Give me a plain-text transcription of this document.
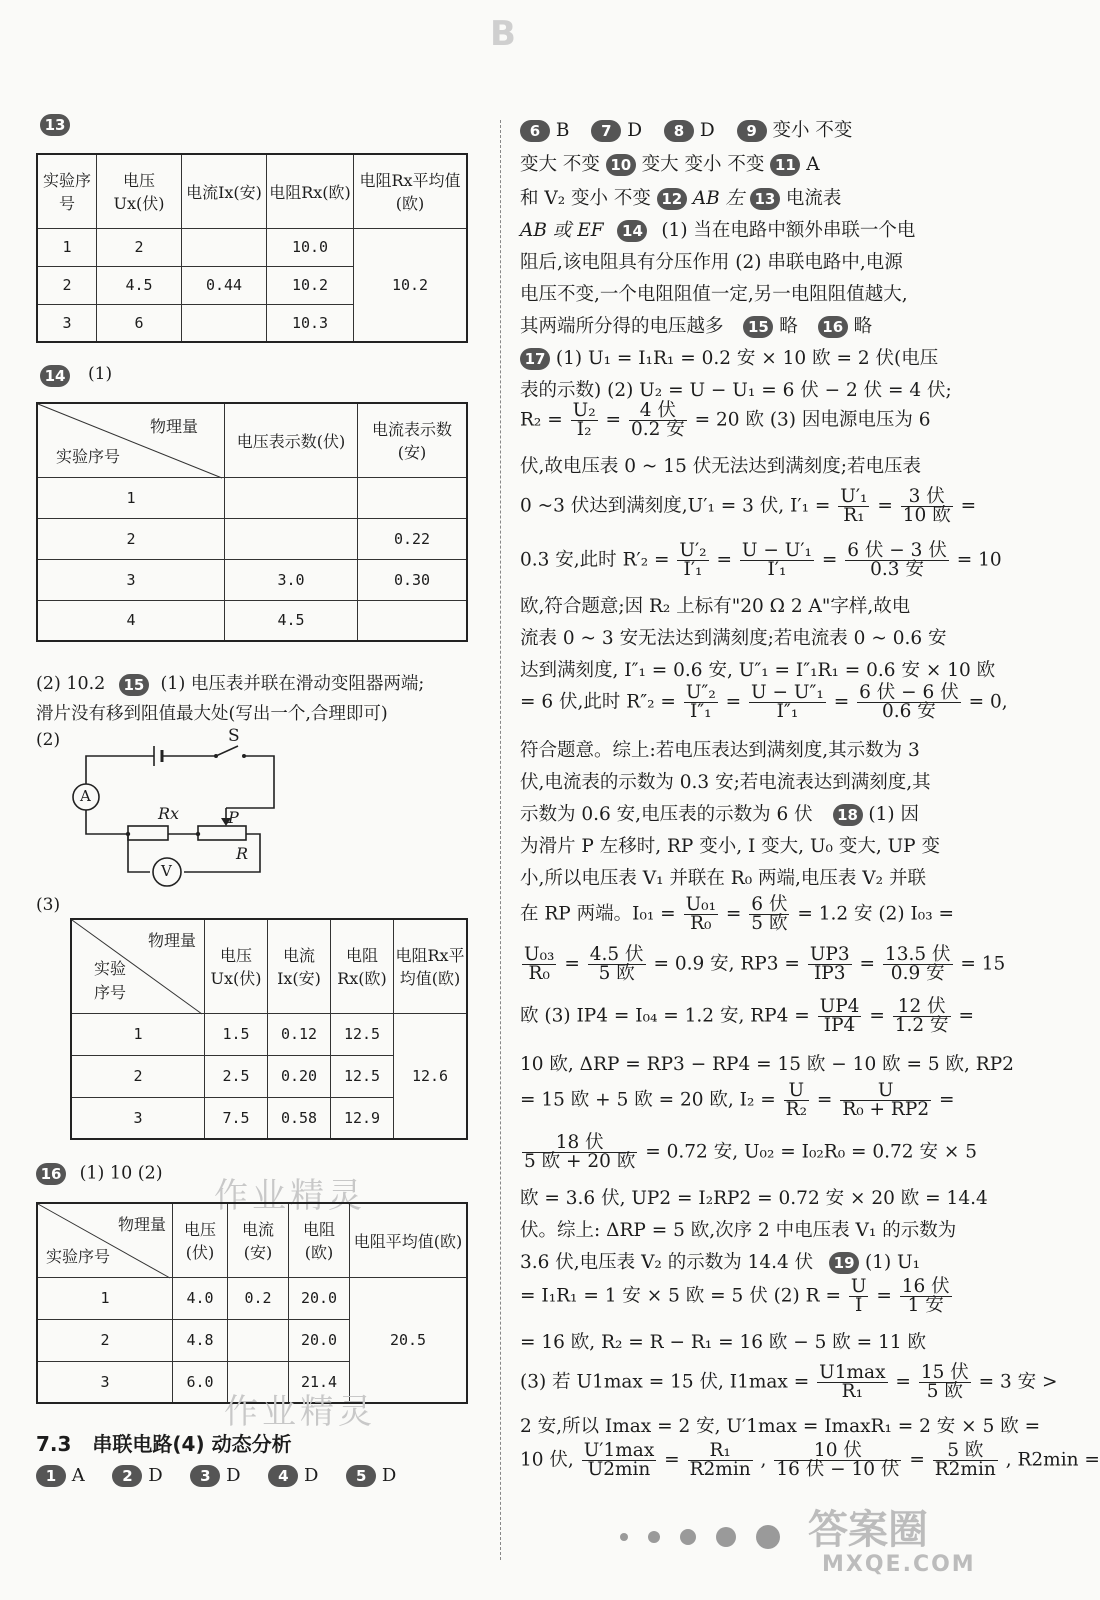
B
13
实验序号	电压Ux(伏)	电流Ix(安)	电阻Rx(欧)	电阻Rx平均值(欧)
1	2		10.0	10.2
2	4.5	0.44	10.2	
3	6		10.3	
14 (1)
物理量
实验序号	电压表示数(伏)	电流表示数(安)
1		
2		0.22
3	3.0	0.30
4	4.5	
(2) 10.2 15 (1) 电压表并联在滑动变阻器两端;
滑片没有移到阻值最大处(写出一个,合理即可)
(2)	S
A
Rx	P
R
V
(3)
物理量
实验序号	电压Ux(伏)	电流Ix(安)	电阻Rx(欧)	电阻Rx平均值(欧)
1	1.5	0.12	12.5	12.6
2	2.5	0.20	12.5	
3	7.5	0.58	12.9	
16 (1) 10 (2)
作业精灵
物理量
实验序号	电压(伏)	电流(安)	电阻(欧)	电阻平均值(欧)
1	4.0	0.2	20.0	20.5
2	4.8		20.0	
3	6.0		21.4	
作业精灵
7.3 串联电路(4) 动态分析
1 A	2 D	3 D	4 D	5 D
6 B 7 D 8 D 9 变小 不变
变大 不变 10 变大 变小 不变 11 A
和 V₂ 变小 不变 12 AB 左 13 电流表
AB 或 EF 14 (1) 当在电路中额外串联一个电
阻后,该电阻具有分压作用 (2) 串联电路中,电源
电压不变,一个电阻阻值一定,另一电阻阻值越大,
其两端所分得的电压越多 15 略 16 略
17 (1) U₁ = I₁R₁ = 0.2 安 × 10 欧 = 2 伏(电压
表的示数) (2) U₂ = U − U₁ = 6 伏 − 2 伏 = 4 伏;
$R_2 = \frac{\text{U₂}}{\text{I₂}} = \frac{\text{4 伏}}{\text{0.2 安}} = 20$ 欧 (3) 因电源电压为 6
伏,故电压表 0 ~ 15 伏无法达到满刻度;若电压表
0 ~3 伏达到满刻度,U′₁ = 3 伏, $I'_1 = \frac{\text{U′₁}}{\text{R₁}} = \frac{\text{3 伏}}{\text{10 欧}}$ =
0.3 安,此时 $R'_2 = \frac{\text{U′₂}}{\text{I′₁}} = \frac{\text{U − U′₁}}{\text{I′₁}} = \frac{\text{6 伏 − 3 伏}}{\text{0.3 安}} = 10$
欧,符合题意;因 R₂ 上标有"20 Ω 2 A"字样,故电
流表 0 ~ 3 安无法达到满刻度;若电流表 0 ~ 0.6 安
达到满刻度, I″₁ = 0.6 安, U″₁ = I″₁R₁ = 0.6 安 × 10 欧
= 6 伏,此时 $R''_2 = \frac{\text{U″₂}}{\text{I″₁}} = \frac{\text{U − U″₁}}{\text{I″₁}} = \frac{\text{6 伏 − 6 伏}}{\text{0.6 安}} = 0$,
符合题意。综上:若电压表达到满刻度,其示数为 3
伏,电流表的示数为 0.3 安;若电流表达到满刻度,其
示数为 0.6 安,电压表的示数为 6 伏 18 (1) 因
为滑片 P 左移时, RP 变小, I 变大, U₀ 变大, UP 变
小,所以电压表 V₁ 并联在 R₀ 两端,电压表 V₂ 并联
在 RP 两端。$I_{01} = \frac{\text{U₀₁}}{\text{R₀}} = \frac{\text{6 伏}}{\text{5 欧}} = 1.2$ 安 (2) I₀₃ =
$\frac{\text{U₀₃}}{\text{R₀}} = \frac{\text{4.5 伏}}{\text{5 欧}} = 0.9$ 安, $RP3 = \frac{UP3}{IP3} = \frac{\text{13.5 伏}}{\text{0.9 安}} = 15$
欧 (3) IP4 = I₀₄ = 1.2 安, $RP4 = \frac{UP4}{IP4} = \frac{\text{12 伏}}{\text{1.2 安}}$ =
10 欧, ΔRP = RP3 − RP4 = 15 欧 − 10 欧 = 5 欧, RP2
= 15 欧 + 5 欧 = 20 欧, $I_2 = \frac{U}{\text{R₂}} = \frac{U}{\text{R₀ + RP2}}$ =
$\frac{\text{18 伏}}{\text{5 欧 + 20 欧}} = 0.72$ 安, U₀₂ = I₀₂R₀ = 0.72 安 × 5
欧 = 3.6 伏, UP2 = I₂RP2 = 0.72 安 × 20 欧 = 14.4
伏。综上: ΔRP = 5 欧,次序 2 中电压表 V₁ 的示数为
3.6 伏,电压表 V₂ 的示数为 14.4 伏 19 (1) U₁
= I₁R₁ = 1 安 × 5 欧 = 5 伏 (2) $R = \frac{U}{I} = \frac{\text{16 伏}}{\text{1 安}}$
= 16 欧, R₂ = R − R₁ = 16 欧 − 5 欧 = 11 欧
(3) 若 U1max = 15 伏, $I1\max = \frac{U1\max}{\text{R₁}} = \frac{\text{15 伏}}{\text{5 欧}} = 3$ 安 >
2 安,所以 Imax = 2 安, U′1max = ImaxR₁ = 2 安 × 5 欧 =
10 伏, $\frac{U'1\max}{U2\min} = \frac{\text{R₁}}{R2\min}$ , $\frac{\text{10 伏}}{\text{16 伏 − 10 伏}} = \frac{\text{5 欧}}{R2\min}$ , R2min =
答案圈
MXQE.COM
